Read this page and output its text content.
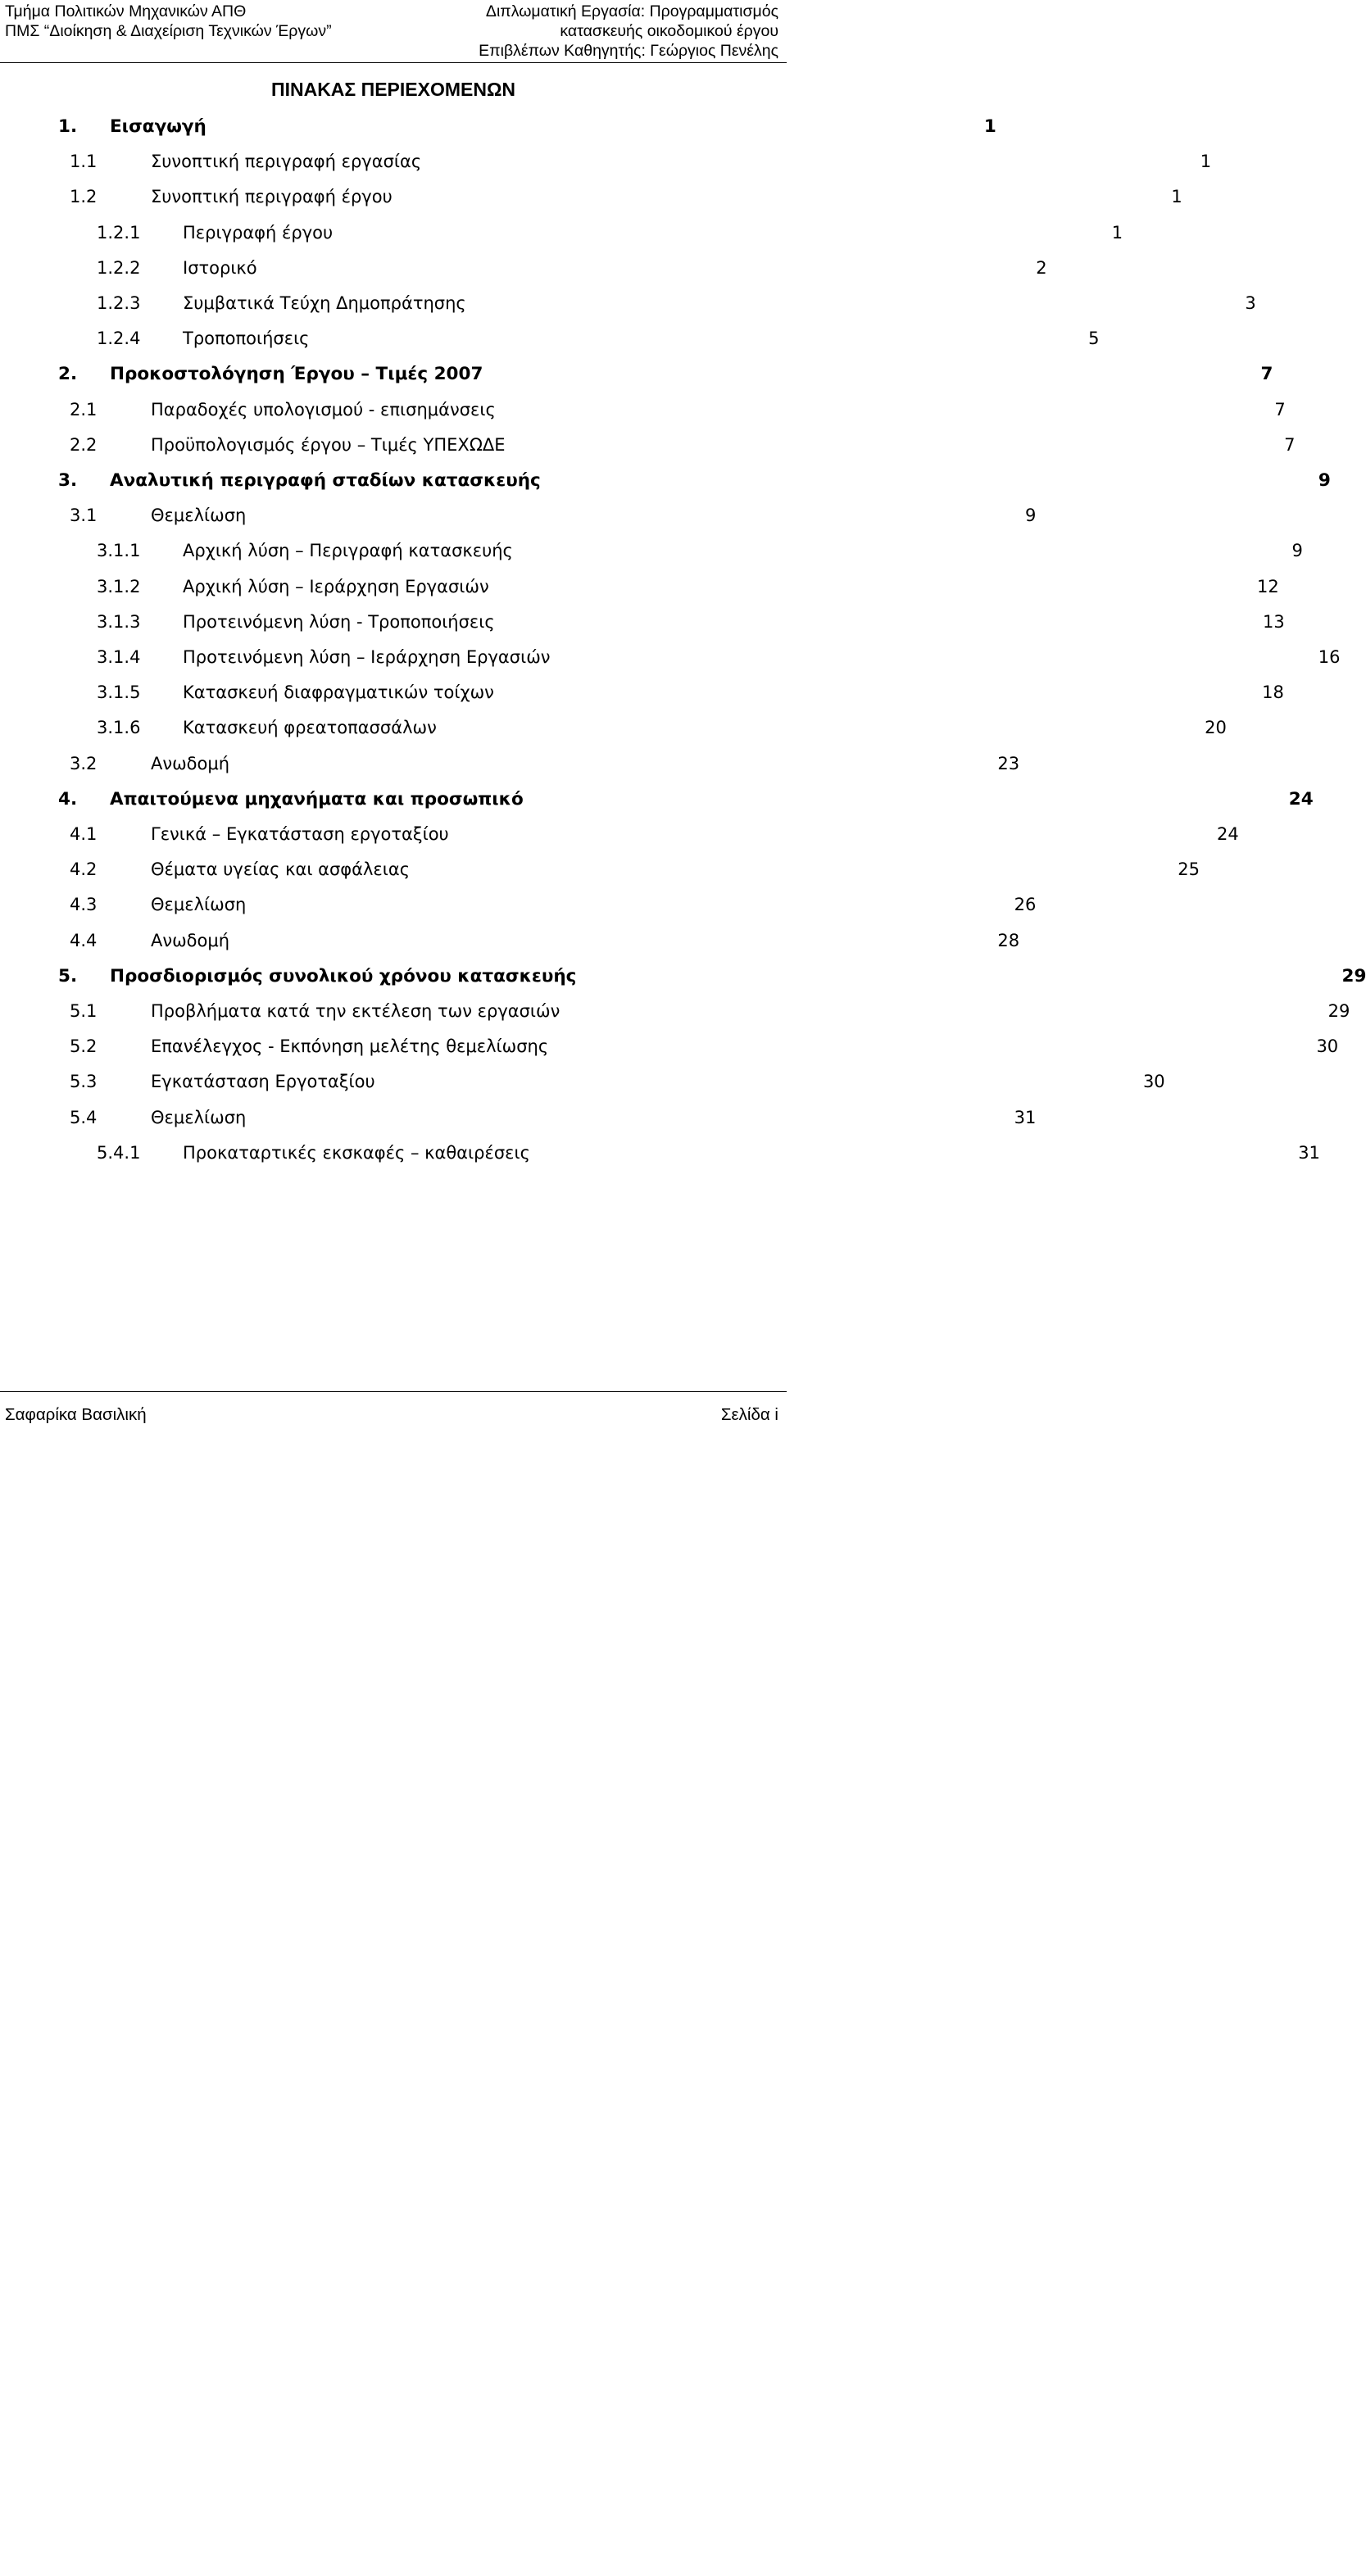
Τμήμα Πολιτικών Μηχανικών ΑΠΘ
ΠΜΣ “Διοίκηση & Διαχείριση Τεχνικών Έργων”
Διπλωματική Εργασία: Προγραμματισμός
κατασκευής οικοδομικού έργου
Επιβλέπων Καθηγητής: Γεώργιος Πενέλης
ΠΙΝΑΚΑΣ ΠΕΡΙΕΧΟΜΕΝΩΝ
1.	Εισαγωγή	1
1.1	Συνοπτική περιγραφή εργασίας	1
1.2	Συνοπτική περιγραφή έργου	1
1.2.1	Περιγραφή έργου	1
1.2.2	Ιστορικό	2
1.2.3	Συμβατικά Τεύχη Δημοπράτησης	3
1.2.4	Τροποποιήσεις	5
2.	Προκοστολόγηση Έργου – Τιμές 2007	7
2.1	Παραδοχές υπολογισμού - επισημάνσεις	7
2.2	Προϋπολογισμός έργου – Τιμές ΥΠΕΧΩΔΕ	7
3.	Αναλυτική περιγραφή σταδίων κατασκευής	9
3.1	Θεμελίωση	9
3.1.1	Αρχική λύση – Περιγραφή κατασκευής	9
3.1.2	Αρχική λύση – Ιεράρχηση Εργασιών	12
3.1.3	Προτεινόμενη λύση - Τροποποιήσεις	13
3.1.4	Προτεινόμενη λύση – Ιεράρχηση Εργασιών	16
3.1.5	Κατασκευή διαφραγματικών τοίχων	18
3.1.6	Κατασκευή φρεατοπασσάλων	20
3.2	Ανωδομή	23
4.	Απαιτούμενα μηχανήματα και προσωπικό	24
4.1	Γενικά – Εγκατάσταση εργοταξίου	24
4.2	Θέματα υγείας και ασφάλειας	25
4.3	Θεμελίωση	26
4.4	Ανωδομή	28
5.	Προσδιορισμός συνολικού χρόνου κατασκευής	29
5.1	Προβλήματα κατά την εκτέλεση των εργασιών	29
5.2	Επανέλεγχος - Εκπόνηση μελέτης θεμελίωσης	30
5.3	Εγκατάσταση Εργοταξίου	30
5.4	Θεμελίωση	31
5.4.1	Προκαταρτικές εκσκαφές – καθαιρέσεις	31
Σαφαρίκα Βασιλική	Σελίδα i
